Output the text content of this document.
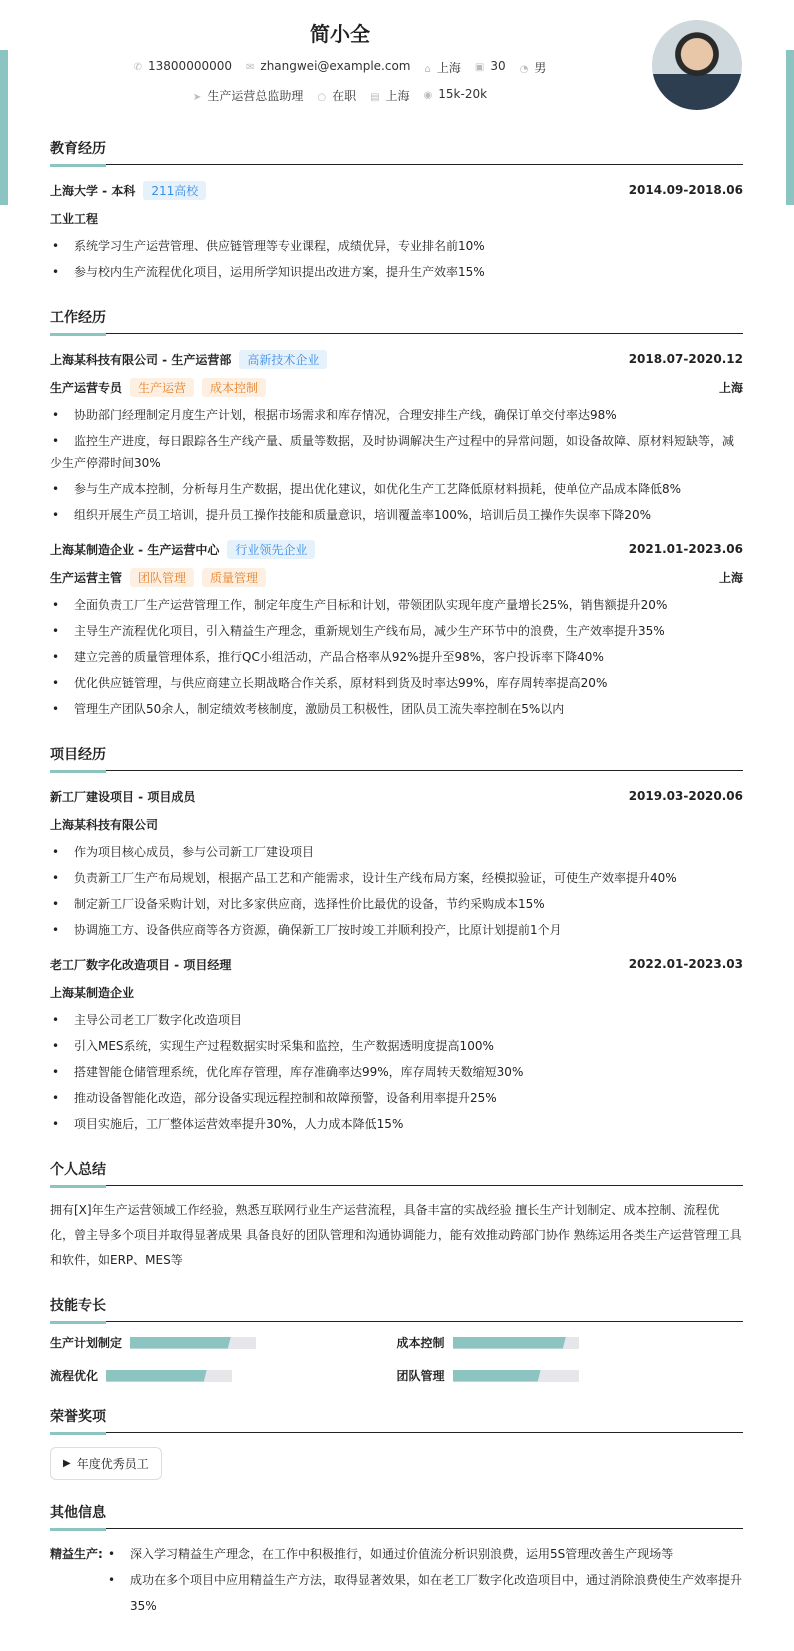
简小全
✆ 13800000000 ✉ zhangwei@example.com ⌂ 上海 ▣ 30 ◔ 男
➤ 生产运营总监助理 ○ 在职 ▤ 上海 ◉ 15k-20k
教育经历
上海大学 - 本科	211高校	2014.09-2018.06
工业工程
• 系统学习生产运营管理、供应链管理等专业课程，成绩优异，专业排名前10%
• 参与校内生产流程优化项目，运用所学知识提出改进方案，提升生产效率15%
工作经历
上海某科技有限公司 - 生产运营部	高新技术企业	2018.07-2020.12
生产运营专员	生产运营	成本控制	上海
• 协助部门经理制定月度生产计划，根据市场需求和库存情况，合理安排生产线，确保订单交付率达98%
• 监控生产进度，每日跟踪各生产线产量、质量等数据，及时协调解决生产过程中的异常问题，如设备故障、原材料短缺等，减少生产停滞时间30%
• 参与生产成本控制，分析每月生产数据，提出优化建议，如优化生产工艺降低原材料损耗，使单位产品成本降低8%
• 组织开展生产员工培训，提升员工操作技能和质量意识，培训覆盖率100%，培训后员工操作失误率下降20%
上海某制造企业 - 生产运营中心	行业领先企业	2021.01-2023.06
生产运营主管	团队管理	质量管理	上海
• 全面负责工厂生产运营管理工作，制定年度生产目标和计划，带领团队实现年度产量增长25%，销售额提升20%
• 主导生产流程优化项目，引入精益生产理念，重新规划生产线布局，减少生产环节中的浪费，生产效率提升35%
• 建立完善的质量管理体系，推行QC小组活动，产品合格率从92%提升至98%，客户投诉率下降40%
• 优化供应链管理，与供应商建立长期战略合作关系，原材料到货及时率达99%，库存周转率提高20%
• 管理生产团队50余人，制定绩效考核制度，激励员工积极性，团队员工流失率控制在5%以内
项目经历
新工厂建设项目 - 项目成员	2019.03-2020.06
上海某科技有限公司
• 作为项目核心成员，参与公司新工厂建设项目
• 负责新工厂生产布局规划，根据产品工艺和产能需求，设计生产线布局方案，经模拟验证，可使生产效率提升40%
• 制定新工厂设备采购计划，对比多家供应商，选择性价比最优的设备，节约采购成本15%
• 协调施工方、设备供应商等各方资源，确保新工厂按时竣工并顺利投产，比原计划提前1个月
老工厂数字化改造项目 - 项目经理	2022.01-2023.03
上海某制造企业
• 主导公司老工厂数字化改造项目
• 引入MES系统，实现生产过程数据实时采集和监控，生产数据透明度提高100%
• 搭建智能仓储管理系统，优化库存管理，库存准确率达99%，库存周转天数缩短30%
• 推动设备智能化改造，部分设备实现远程控制和故障预警，设备利用率提升25%
• 项目实施后，工厂整体运营效率提升30%，人力成本降低15%
个人总结

拥有[X]年生产运营领域工作经验，熟悉互联网行业生产运营流程，具备丰富的实战经验 擅长生产计划制定、成本控制、流程优化，曾主导多个项目并取得显著成果 具备良好的团队管理和沟通协调能力，能有效推动跨部门协作 熟练运用各类生产运营管理工具和软件，如ERP、MES等

技能专长
生产计划制定	成本控制
流程优化	团队管理
荣誉奖项
▶ 年度优秀员工
其他信息
精益生产:	• 深入学习精益生产理念，在工作中积极推行，如通过价值流分析识别浪费，运用5S管理改善生产现场等
• 成功在多个项目中应用精益生产方法，取得显著效果，如在老工厂数字化改造项目中，通过消除浪费使生产效率提升35%
